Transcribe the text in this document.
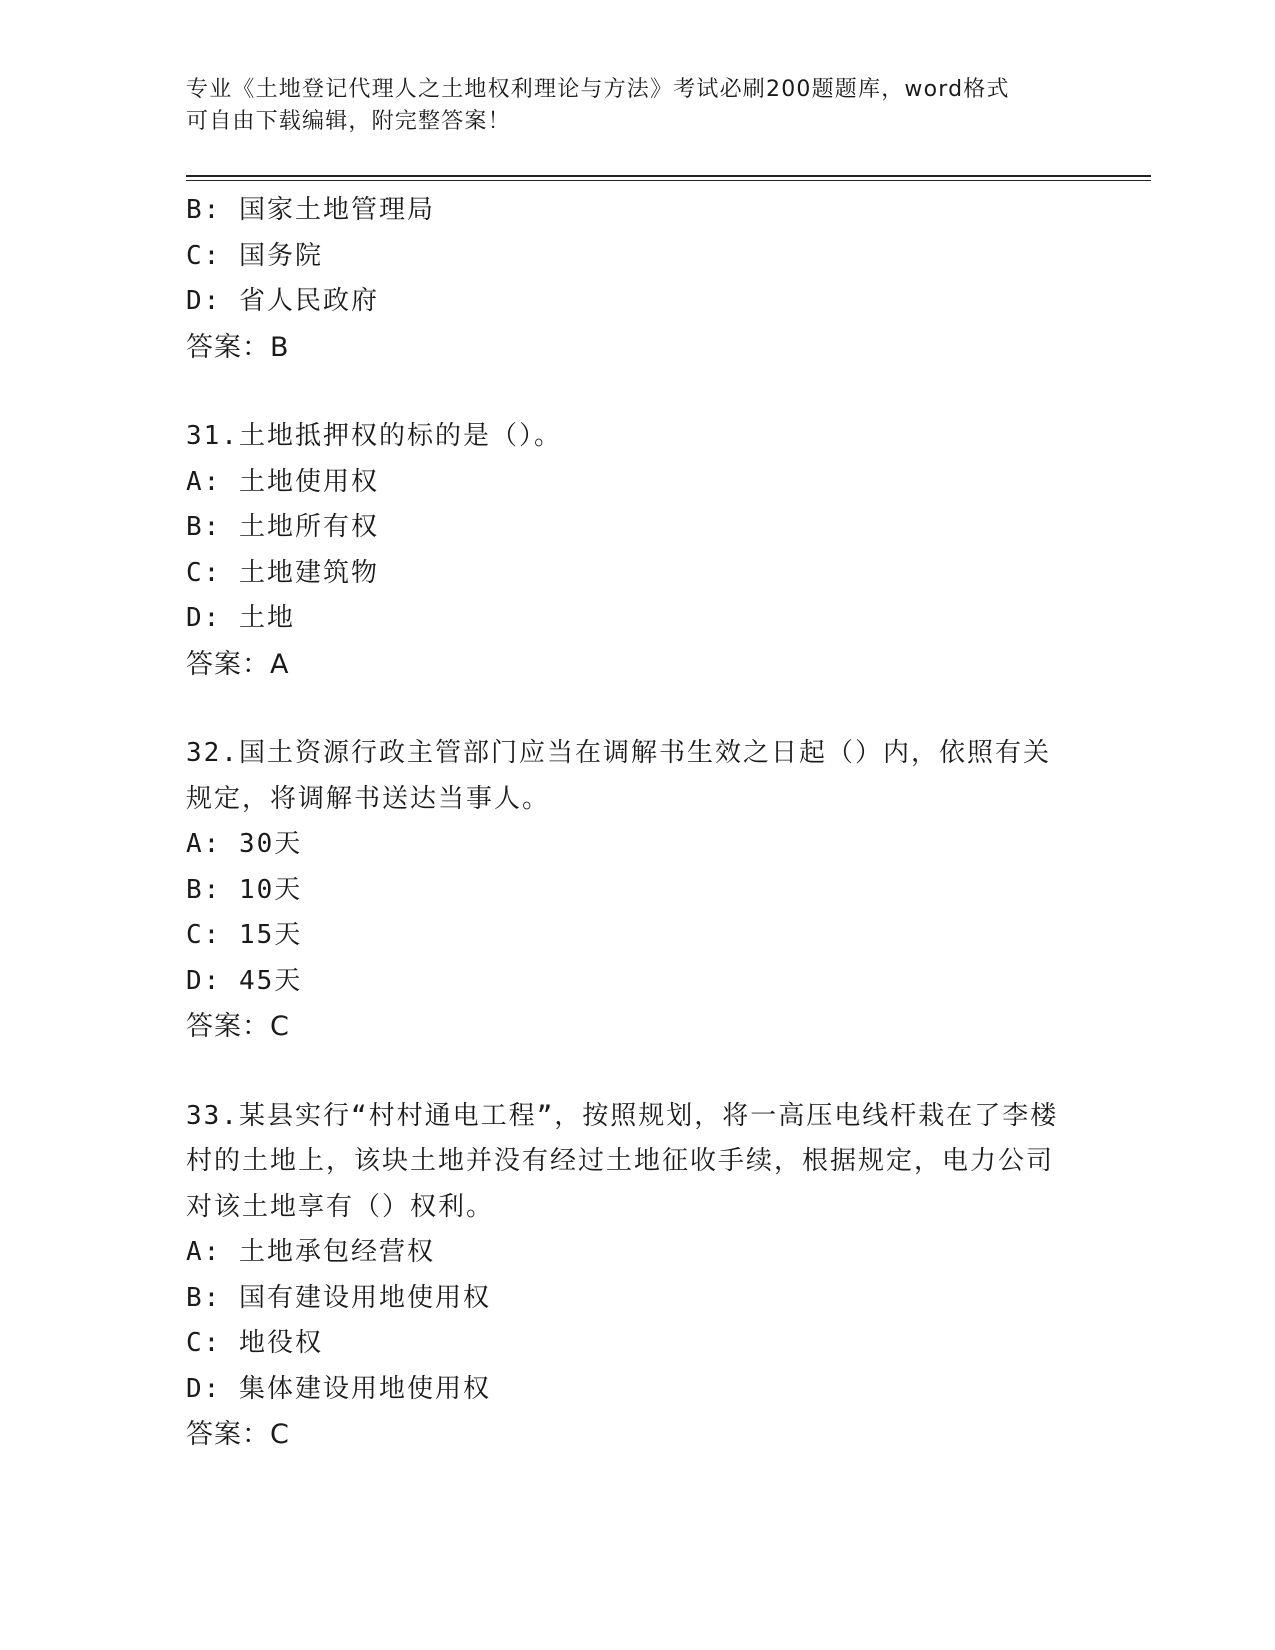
专业《土地登记代理人之土地权利理论与方法》考试必刷200题题库，word格式
可自由下载编辑，附完整答案！
B: 国家土地管理局
C: 国务院
D: 省人民政府
答案：B
31.土地抵押权的标的是（）。
A: 土地使用权
B: 土地所有权
C: 土地建筑物
D: 土地
答案：A
32.国土资源行政主管部门应当在调解书生效之日起（）内，依照有关规定，将调解书送达当事人。
A: 30天
B: 10天
C: 15天
D: 45天
答案：C
33.某县实行“村村通电工程”，按照规划，将一高压电线杆栽在了李楼村的土地上，该块土地并没有经过土地征收手续，根据规定，电力公司对该土地享有（）权利。
A: 土地承包经营权
B: 国有建设用地使用权
C: 地役权
D: 集体建设用地使用权
答案：C
